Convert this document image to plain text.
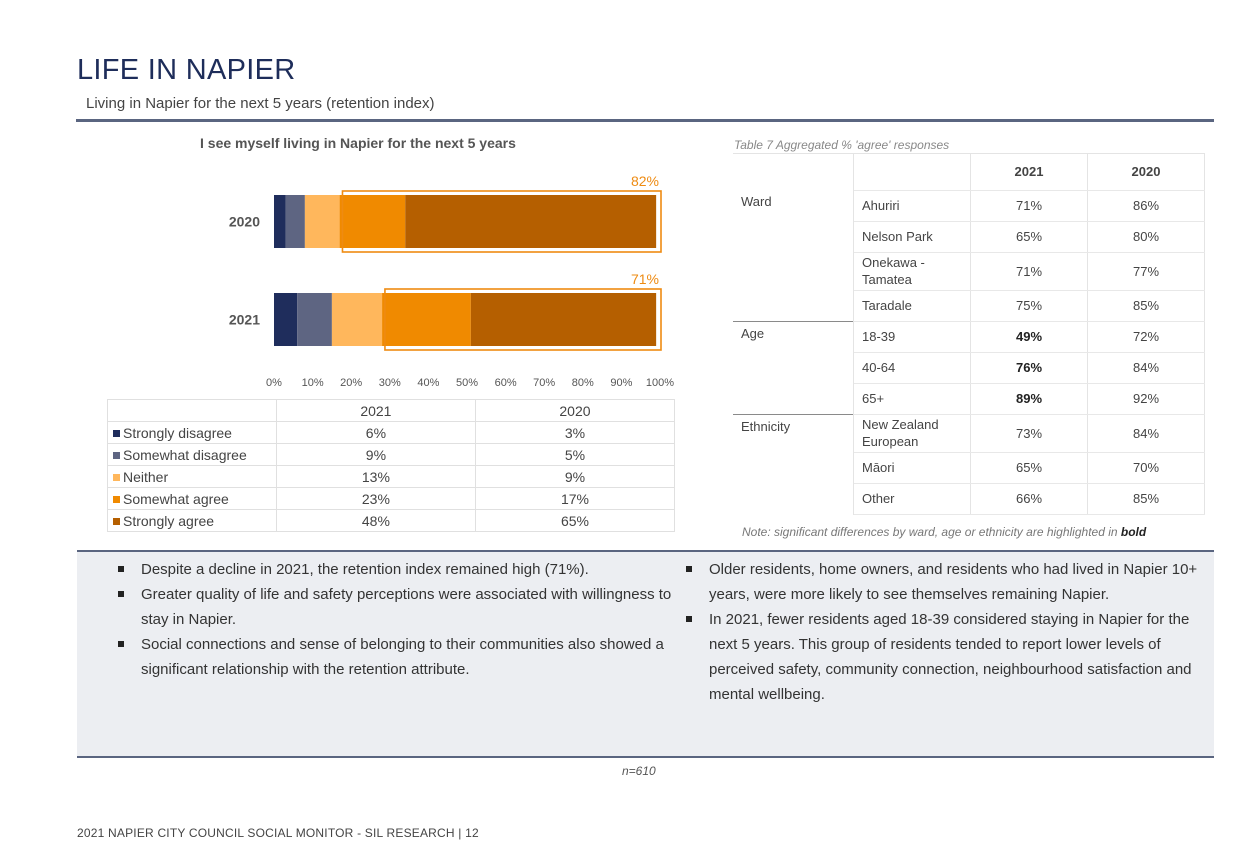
LIFE IN NAPIER
Living in Napier for the next 5 years (retention index)
I see myself living in Napier for the next 5 years
2020
82%
2021
71%
0% 10% 20% 30% 40% 50% 60% 70% 80% 90% 100%
	2021	2020
Strongly disagree	6%	3%
Somewhat disagree	9%	5%
Neither	13%	9%
Somewhat agree	23%	17%
Strongly agree	48%	65%
Table 7 Aggregated % 'agree' responses
		2021	2020
Ward	Ahuriri	71%	86%
	Nelson Park	65%	80%
	Onekawa - Tamatea	71%	77%
	Taradale	75%	85%
Age	18-39	49%	72%
	40-64	76%	84%
	65+	89%	92%
Ethnicity	New Zealand European	73%	84%
	Māori	65%	70%
	Other	66%	85%
Note: significant differences by ward, age or ethnicity are highlighted in bold
Despite a decline in 2021, the retention index remained high (71%).
Greater quality of life and safety perceptions were associated with willingness to stay in Napier.
Social connections and sense of belonging to their communities also showed a significant relationship with the retention attribute.
Older residents, home owners, and residents who had lived in Napier 10+ years, were more likely to see themselves remaining Napier.
In 2021, fewer residents aged 18-39 considered staying in Napier for the next 5 years. This group of residents tended to report lower levels of perceived safety, community connection, neighbourhood satisfaction and mental wellbeing.
n=610
2021 NAPIER CITY COUNCIL SOCIAL MONITOR - SIL RESEARCH | 12
